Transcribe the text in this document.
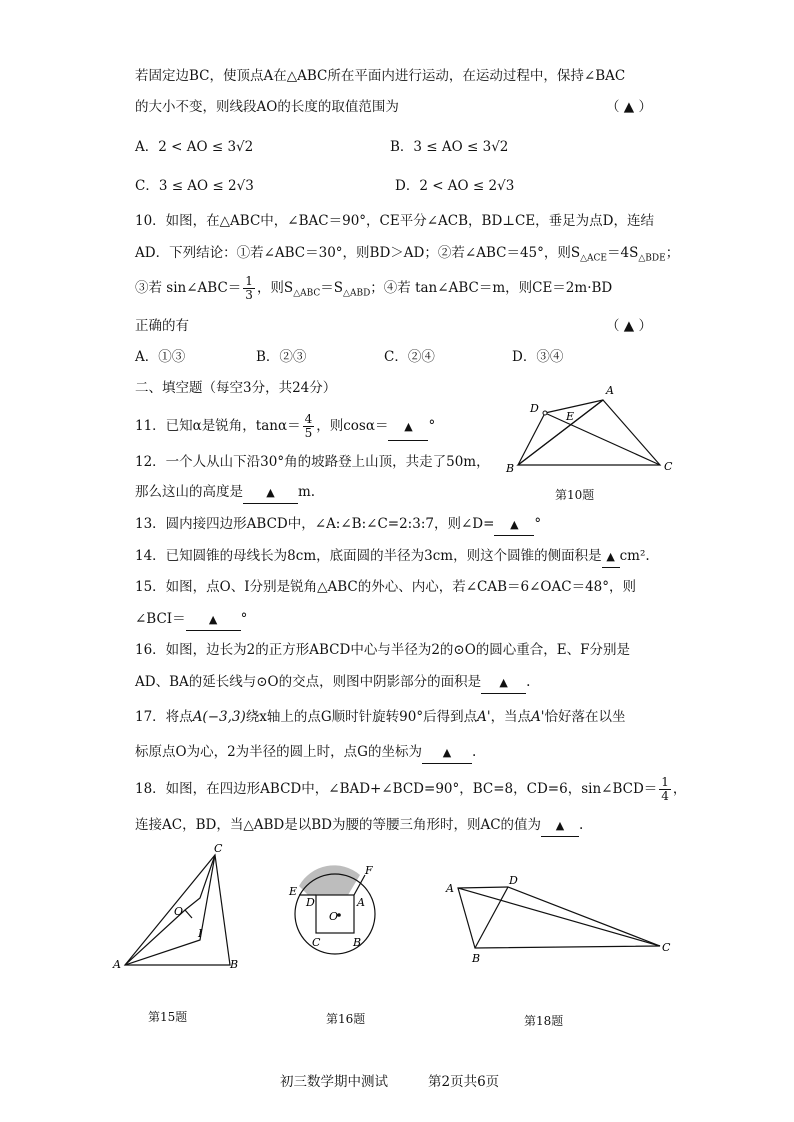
若固定边BC，使顶点A在△ABC所在平面内进行运动，在运动过程中，保持∠BAC
的大小不变，则线段AO的长度的取值范围为	（ ▲ ）
A．2 < AO ≤ 3√2	B．3 ≤ AO ≤ 3√2
C．3 ≤ AO ≤ 2√3	D．2 < AO ≤ 2√3
10．如图，在△ABC中，∠BAC＝90°，CE平分∠ACB，BD⊥CE，垂足为点D，连结
AD．下列结论：①若∠ABC＝30°，则BD＞AD；②若∠ABC＝45°，则$S_{\triangle ACE}=4S_{\triangle BDE}$；
③若 sin∠ABC＝ $\frac{1}{3}$ ，则$S_{\triangle ABC}=S_{\triangle ABD}$；④若 tan∠ABC＝m，则CE＝2m·BD
正确的有	（ ▲ ）
A．①③	B．②③	C．②④	D．③④
二、填空题（每空3分，共24分）
11．已知α是锐角，$\tan\alpha= \frac{4}{5}$ ，则cosα＝ ▲ °
12．一个人从山下沿30°角的坡路登上山顶，共走了50m，
那么这山的高度是 ▲ m.
13．圆内接四边形ABCD中，∠A:∠B:∠C=2:3:7，则∠D= ▲ °
14．已知圆锥的母线长为8cm，底面圆的半径为3cm，则这个圆锥的侧面积是 ▲ cm².
15．如图，点O、I分别是锐角△ABC的外心、内心，若∠CAB＝6∠OAC＝48°，则
∠BCI＝ ▲ °
16．如图，边长为2的正方形ABCD中心与半径为2的⊙O的圆心重合，E、F分别是
AD、BA的延长线与⊙O的交点，则图中阴影部分的面积是 ▲ .
17．将点A(−3,3)绕x轴上的点G顺时针旋转90°后得到点A'，当点A'恰好落在以坐
标原点O为心，2为半径的圆上时，点G的坐标为 ▲ .
18．如图，在四边形ABCD中，∠BAD+∠BCD=90°，BC=8，CD=6，sin∠BCD＝ $\frac{1}{4}$ ，
连接AC，BD，当△ABD是以BD为腰的等腰三角形时，则AC的值为 ▲ .
A
D
E
B	C
第10题
C
O
I
A	B
第15题
E
F
D	A
O
C	B
第16题
A
D
B
C
第18题
初三数学期中测试	第2页共6页
